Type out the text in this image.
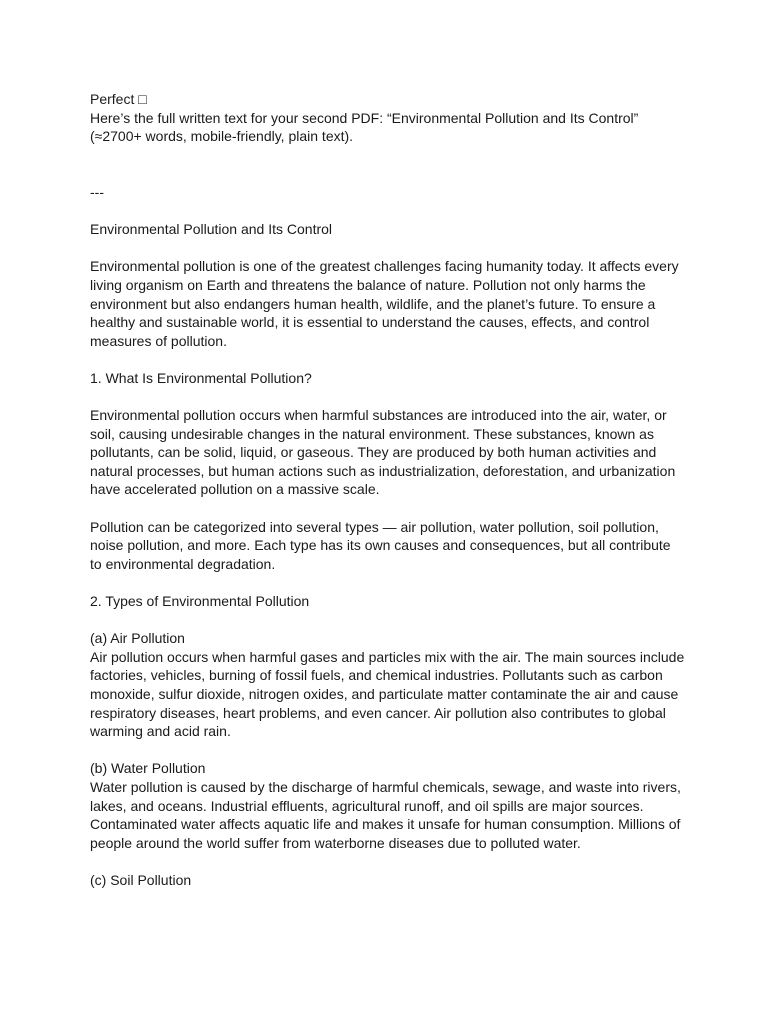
Perfect □
Here’s the full written text for your second PDF: “Environmental Pollution and Its Control”
(≈2700+ words, mobile-friendly, plain text).
---
Environmental Pollution and Its Control
Environmental pollution is one of the greatest challenges facing humanity today. It affects every
living organism on Earth and threatens the balance of nature. Pollution not only harms the
environment but also endangers human health, wildlife, and the planet’s future. To ensure a
healthy and sustainable world, it is essential to understand the causes, effects, and control
measures of pollution.
1. What Is Environmental Pollution?
Environmental pollution occurs when harmful substances are introduced into the air, water, or
soil, causing undesirable changes in the natural environment. These substances, known as
pollutants, can be solid, liquid, or gaseous. They are produced by both human activities and
natural processes, but human actions such as industrialization, deforestation, and urbanization
have accelerated pollution on a massive scale.
Pollution can be categorized into several types — air pollution, water pollution, soil pollution,
noise pollution, and more. Each type has its own causes and consequences, but all contribute
to environmental degradation.
2. Types of Environmental Pollution
(a) Air Pollution
Air pollution occurs when harmful gases and particles mix with the air. The main sources include
factories, vehicles, burning of fossil fuels, and chemical industries. Pollutants such as carbon
monoxide, sulfur dioxide, nitrogen oxides, and particulate matter contaminate the air and cause
respiratory diseases, heart problems, and even cancer. Air pollution also contributes to global
warming and acid rain.
(b) Water Pollution
Water pollution is caused by the discharge of harmful chemicals, sewage, and waste into rivers,
lakes, and oceans. Industrial effluents, agricultural runoff, and oil spills are major sources.
Contaminated water affects aquatic life and makes it unsafe for human consumption. Millions of
people around the world suffer from waterborne diseases due to polluted water.
(c) Soil Pollution
